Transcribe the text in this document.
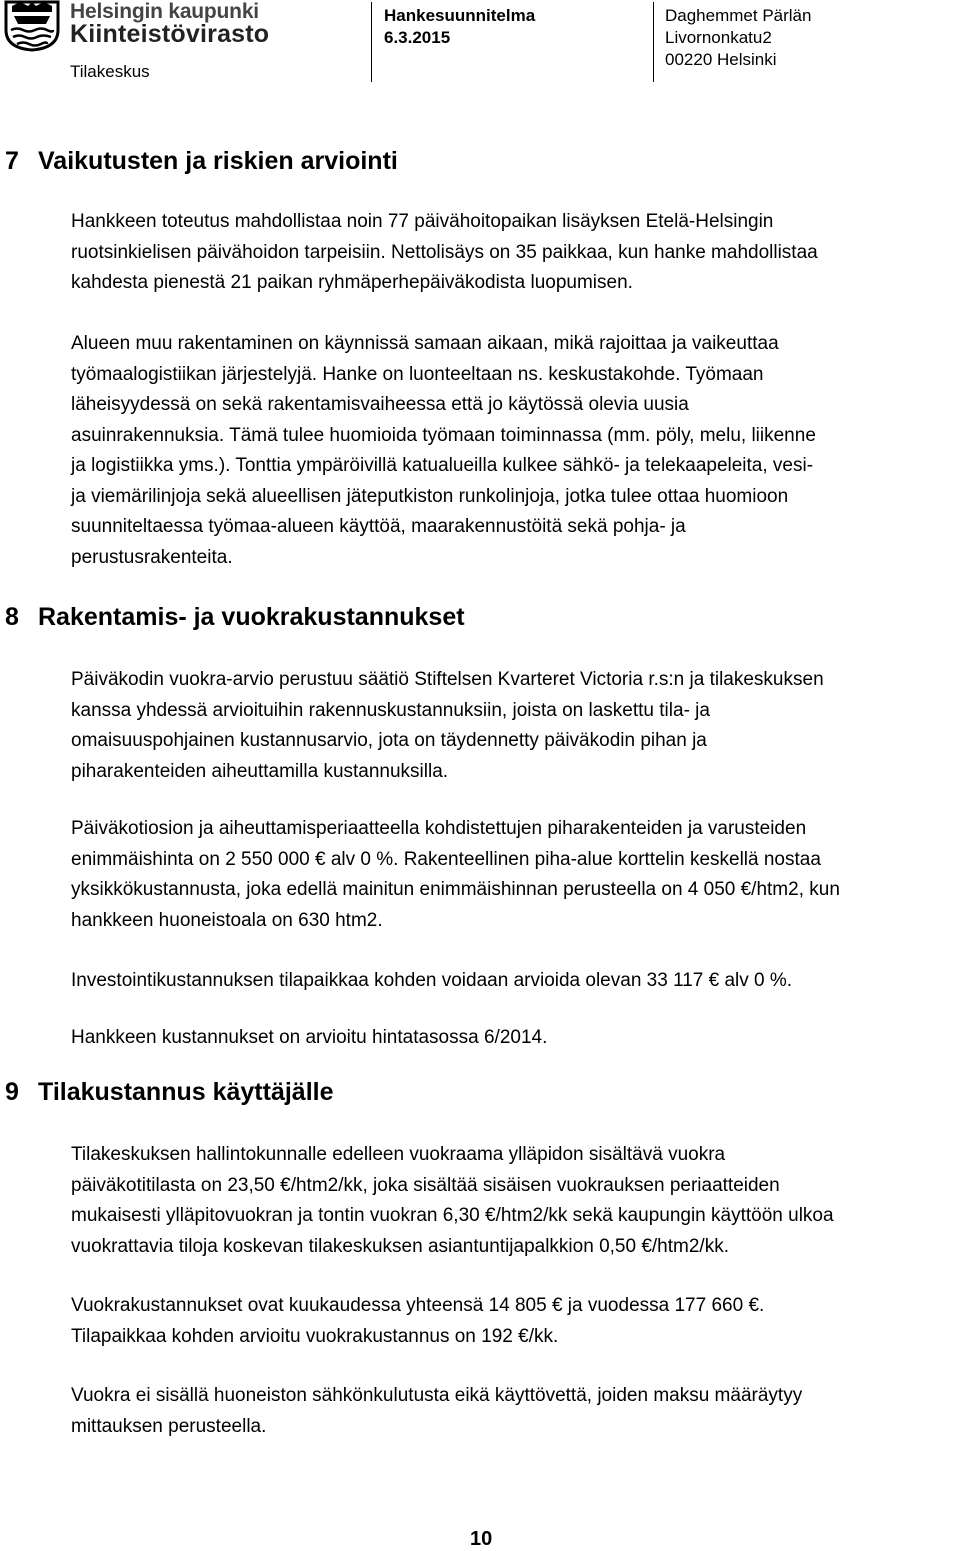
Helsingin kaupunki
Kiinteistövirasto
Tilakeskus
Hankesuunnitelma
6.3.2015
Daghemmet Pärlän
Livornonkatu2
00220 Helsinki
7 Vaikutusten ja riskien arviointi

Hankkeen toteutus mahdollistaa noin 77 päivähoitopaikan lisäyksen Etelä-Helsingin
ruotsinkielisen päivähoidon tarpeisiin. Nettolisäys on 35 paikkaa, kun hanke mahdollistaa
kahdesta pienestä 21 paikan ryhmäperhepäiväkodista luopumisen.

Alueen muu rakentaminen on käynnissä samaan aikaan, mikä rajoittaa ja vaikeuttaa
työmaalogistiikan järjestelyjä. Hanke on luonteeltaan ns. keskustakohde. Työmaan
läheisyydessä on sekä rakentamisvaiheessa että jo käytössä olevia uusia
asuinrakennuksia. Tämä tulee huomioida työmaan toiminnassa (mm. pöly, melu, liikenne
ja logistiikka yms.). Tonttia ympäröivillä katualueilla kulkee sähkö- ja telekaapeleita, vesi-
ja viemärilinjoja sekä alueellisen jäteputkiston runkolinjoja, jotka tulee ottaa huomioon
suunniteltaessa työmaa-alueen käyttöä, maarakennustöitä sekä pohja- ja
perustusrakenteita.

8 Rakentamis- ja vuokrakustannukset

Päiväkodin vuokra-arvio perustuu säätiö Stiftelsen Kvarteret Victoria r.s:n ja tilakeskuksen
kanssa yhdessä arvioituihin rakennuskustannuksiin, joista on laskettu tila- ja
omaisuuspohjainen kustannusarvio, jota on täydennetty päiväkodin pihan ja
piharakenteiden aiheuttamilla kustannuksilla.

Päiväkotiosion ja aiheuttamisperiaatteella kohdistettujen piharakenteiden ja varusteiden
enimmäishinta on 2 550 000 € alv 0 %. Rakenteellinen piha-alue korttelin keskellä nostaa
yksikkökustannusta, joka edellä mainitun enimmäishinnan perusteella on 4 050 €/htm2, kun
hankkeen huoneistoala on 630 htm2.

Investointikustannuksen tilapaikkaa kohden voidaan arvioida olevan 33 117 € alv 0 %.

Hankkeen kustannukset on arvioitu hintatasossa 6/2014.

9 Tilakustannus käyttäjälle

Tilakeskuksen hallintokunnalle edelleen vuokraama ylläpidon sisältävä vuokra
päiväkotitilasta on 23,50 €/htm2/kk, joka sisältää sisäisen vuokrauksen periaatteiden
mukaisesti ylläpitovuokran ja tontin vuokran 6,30 €/htm2/kk sekä kaupungin käyttöön ulkoa
vuokrattavia tiloja koskevan tilakeskuksen asiantuntijapalkkion 0,50 €/htm2/kk.

Vuokrakustannukset ovat kuukaudessa yhteensä 14 805 € ja vuodessa 177 660 €.
Tilapaikkaa kohden arvioitu vuokrakustannus on 192 €/kk.

Vuokra ei sisällä huoneiston sähkönkulutusta eikä käyttövettä, joiden maksu määräytyy
mittauksen perusteella.

10
